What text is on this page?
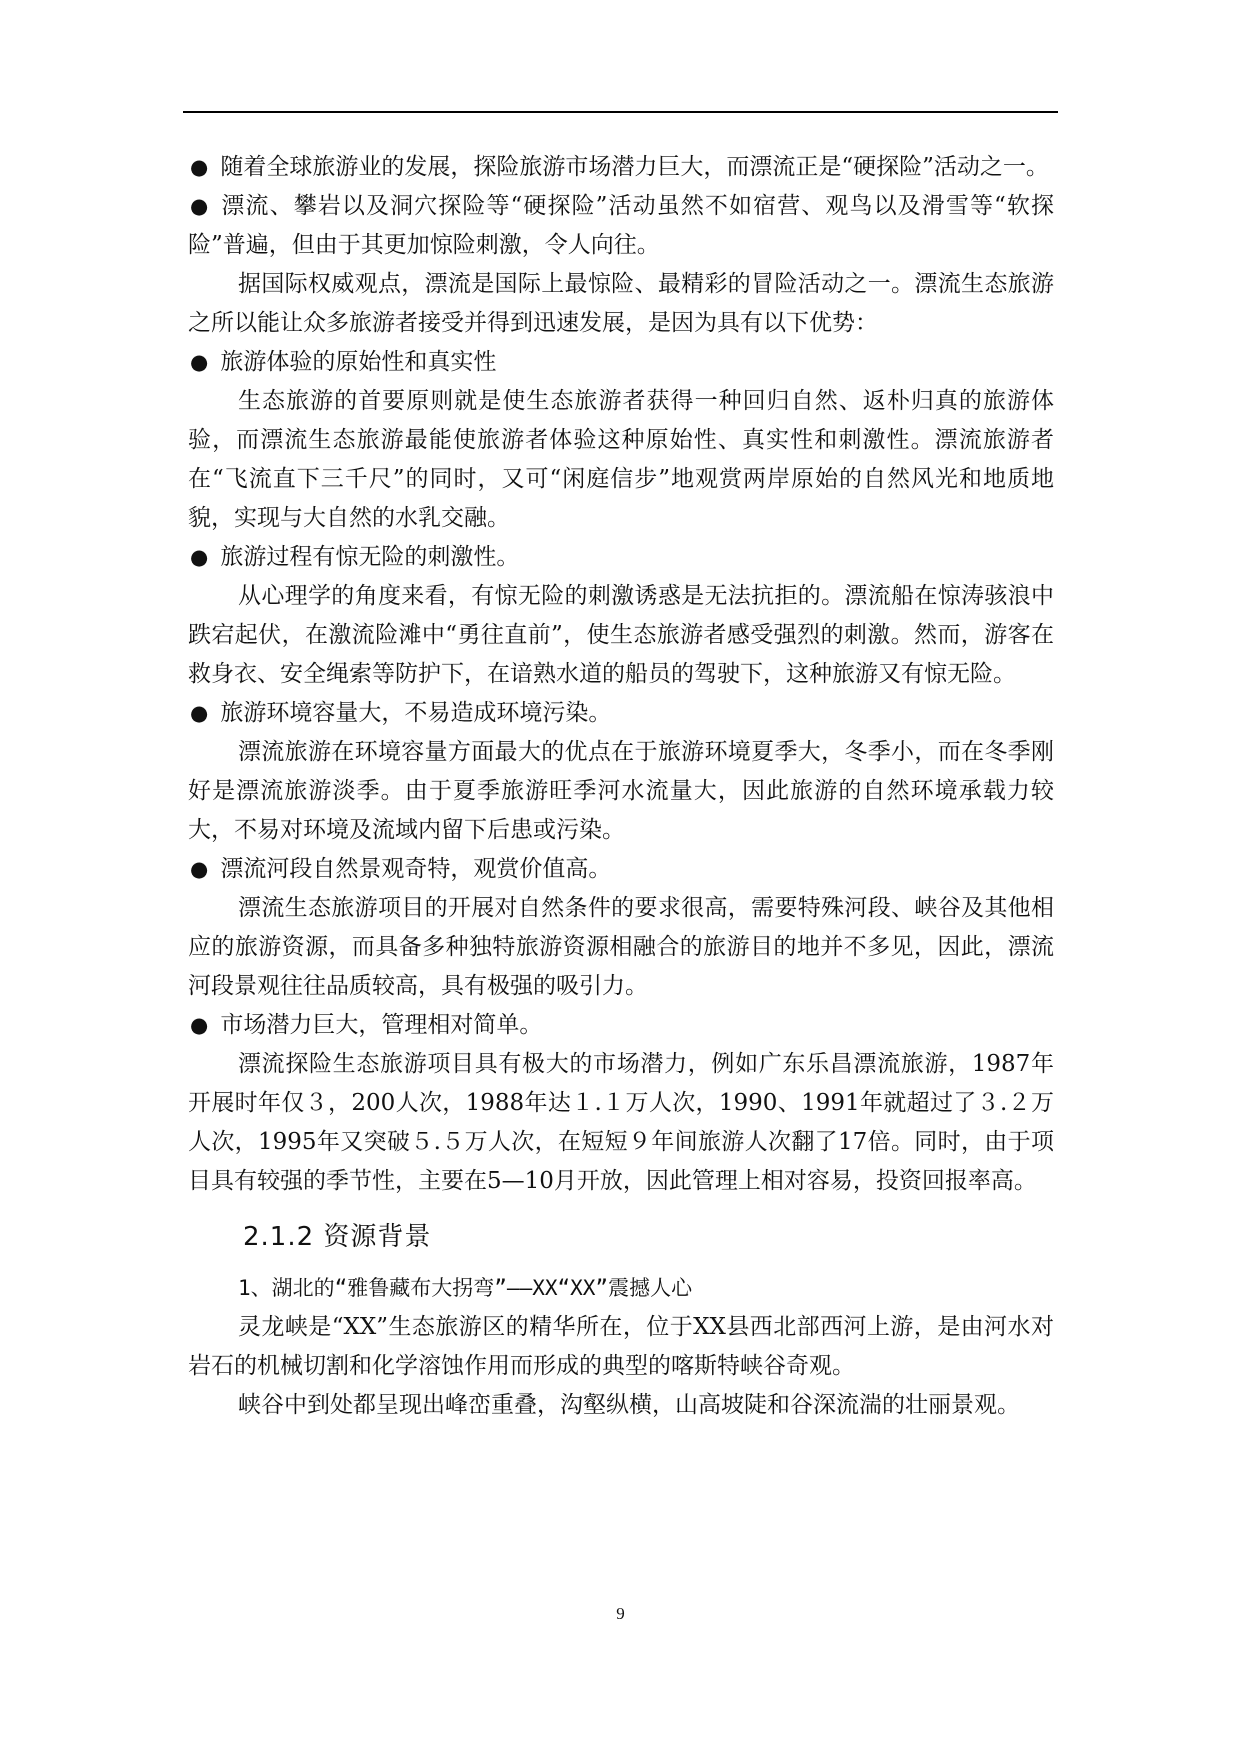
● 随着全球旅游业的发展，探险旅游市场潜力巨大，而漂流正是“硬探险”活动之一。

● 漂流、攀岩以及洞穴探险等“硬探险”活动虽然不如宿营、观鸟以及滑雪等“软探险”普遍，但由于其更加惊险刺激，令人向往。

据国际权威观点，漂流是国际上最惊险、最精彩的冒险活动之一。漂流生态旅游之所以能让众多旅游者接受并得到迅速发展，是因为具有以下优势：

● 旅游体验的原始性和真实性

生态旅游的首要原则就是使生态旅游者获得一种回归自然、返朴归真的旅游体验，而漂流生态旅游最能使旅游者体验这种原始性、真实性和刺激性。漂流旅游者在“飞流直下三千尺”的同时，又可“闲庭信步”地观赏两岸原始的自然风光和地质地貌，实现与大自然的水乳交融。

● 旅游过程有惊无险的刺激性。

从心理学的角度来看，有惊无险的刺激诱惑是无法抗拒的。漂流船在惊涛骇浪中跌宕起伏，在激流险滩中“勇往直前”，使生态旅游者感受强烈的刺激。然而，游客在救身衣、安全绳索等防护下，在谙熟水道的船员的驾驶下，这种旅游又有惊无险。

● 旅游环境容量大，不易造成环境污染。

漂流旅游在环境容量方面最大的优点在于旅游环境夏季大，冬季小，而在冬季刚好是漂流旅游淡季。由于夏季旅游旺季河水流量大，因此旅游的自然环境承载力较大，不易对环境及流域内留下后患或污染。

● 漂流河段自然景观奇特，观赏价值高。

漂流生态旅游项目的开展对自然条件的要求很高，需要特殊河段、峡谷及其他相应的旅游资源，而具备多种独特旅游资源相融合的旅游目的地并不多见，因此，漂流河段景观往往品质较高，具有极强的吸引力。

● 市场潜力巨大，管理相对简单。

漂流探险生态旅游项目具有极大的市场潜力，例如广东乐昌漂流旅游，1987年开展时年仅３，200人次，1988年达１.１万人次，1990、1991年就超过了３.２万人次，1995年又突破５.５万人次，在短短９年间旅游人次翻了17倍。同时，由于项目具有较强的季节性，主要在5—10月开放，因此管理上相对容易，投资回报率高。

2.1.2 资源背景

1、湖北的“雅鲁藏布大拐弯”——XX“XX”震撼人心

灵龙峡是“XX”生态旅游区的精华所在，位于XX县西北部西河上游，是由河水对岩石的机械切割和化学溶蚀作用而形成的典型的喀斯特峡谷奇观。

峡谷中到处都呈现出峰峦重叠，沟壑纵横，山高坡陡和谷深流湍的壮丽景观。

9
